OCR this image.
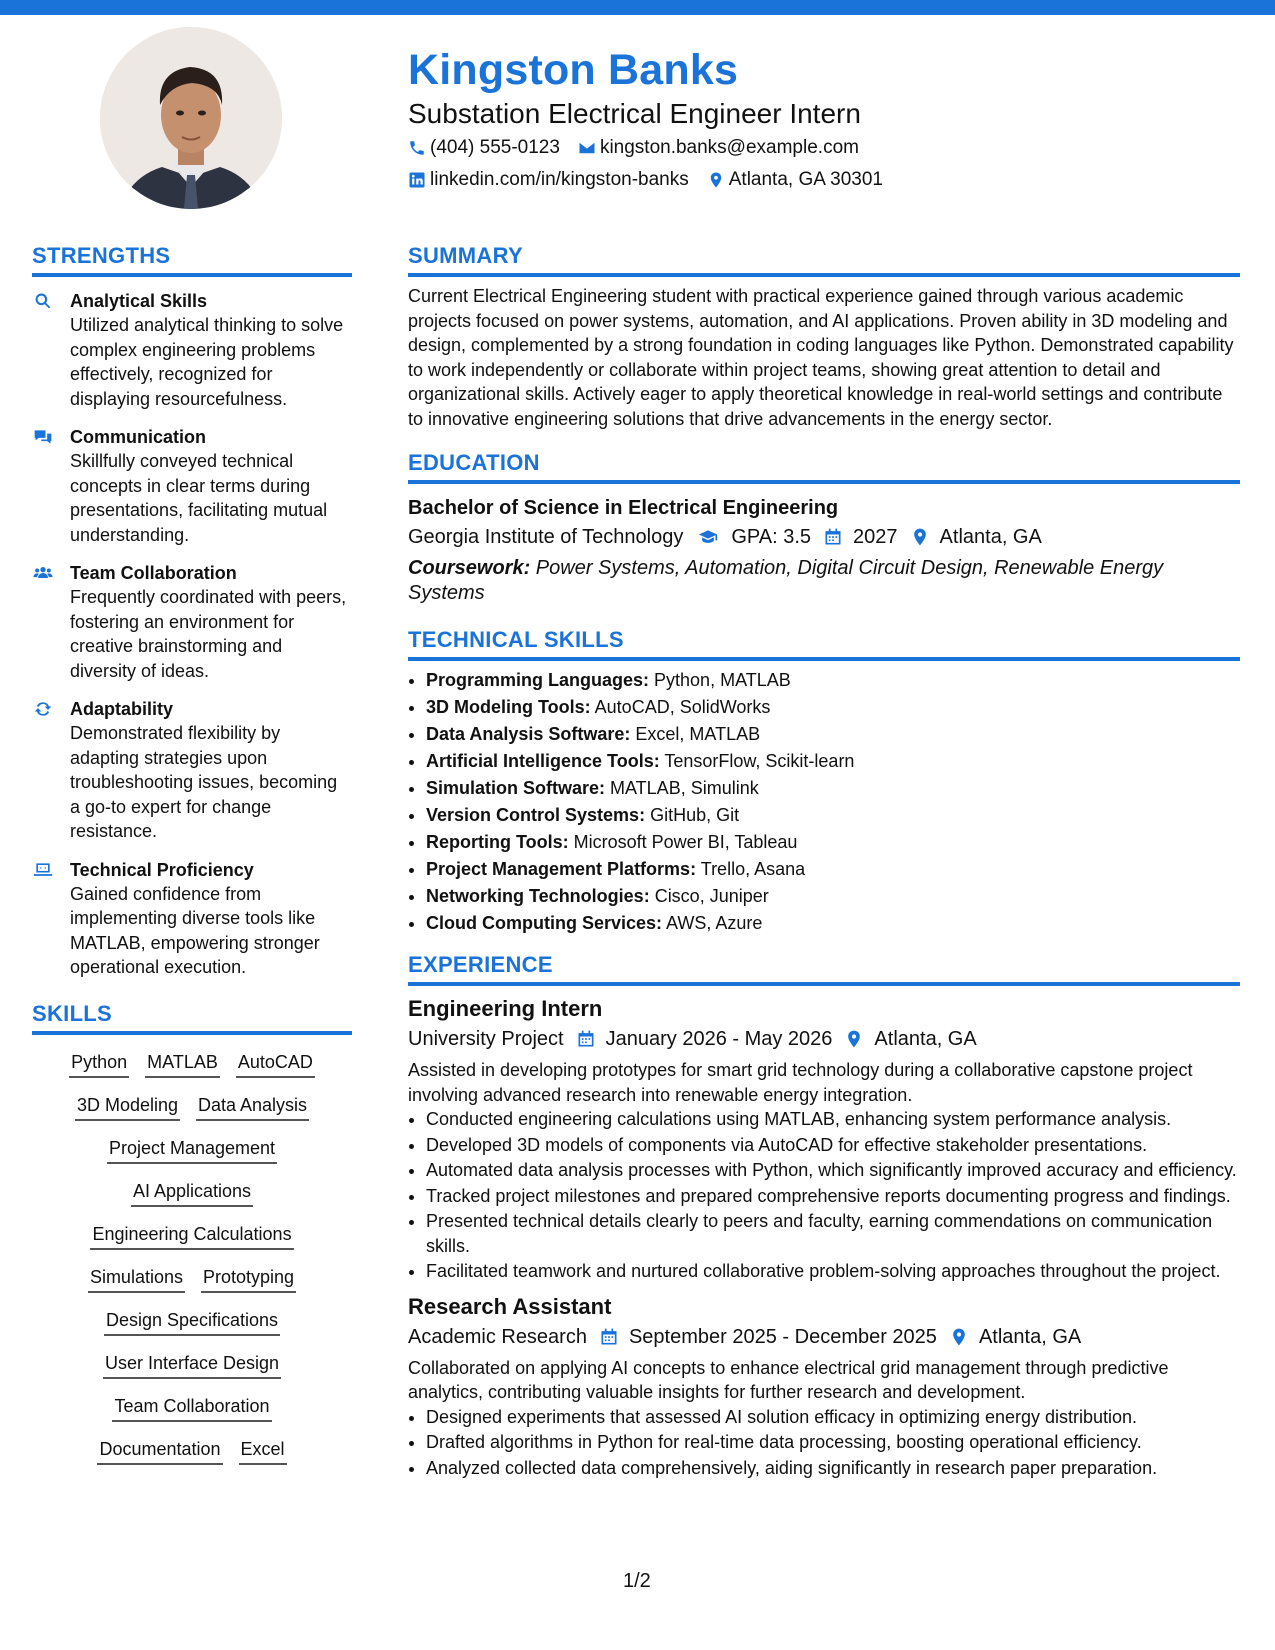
Kingston Banks
Substation Electrical Engineer Intern
(404) 555-0123 kingston.banks@example.com
linkedin.com/in/kingston-banks Atlanta, GA 30301
STRENGTHS
Analytical Skills
Utilized analytical thinking to solve complex engineering problems effectively, recognized for displaying resourcefulness.
Communication
Skillfully conveyed technical concepts in clear terms during presentations, facilitating mutual understanding.
Team Collaboration
Frequently coordinated with peers, fostering an environment for creative brainstorming and diversity of ideas.
Adaptability
Demonstrated flexibility by adapting strategies upon troubleshooting issues, becoming a go-to expert for change resistance.
Technical Proficiency
Gained confidence from implementing diverse tools like MATLAB, empowering stronger operational execution.
SKILLS
Python MATLAB AutoCAD
3D Modeling Data Analysis
Project Management
AI Applications
Engineering Calculations
Simulations Prototyping
Design Specifications
User Interface Design
Team Collaboration
Documentation Excel
SUMMARY
Current Electrical Engineering student with practical experience gained through various academic projects focused on power systems, automation, and AI applications. Proven ability in 3D modeling and design, complemented by a strong foundation in coding languages like Python. Demonstrated capability to work independently or collaborate within project teams, showing great attention to detail and organizational skills. Actively eager to apply theoretical knowledge in real-world settings and contribute to innovative engineering solutions that drive advancements in the energy sector.
EDUCATION
Bachelor of Science in Electrical Engineering
Georgia Institute of Technology GPA: 3.5 2027 Atlanta, GA
Coursework: Power Systems, Automation, Digital Circuit Design, Renewable Energy Systems
TECHNICAL SKILLS
• Programming Languages: Python, MATLAB
• 3D Modeling Tools: AutoCAD, SolidWorks
• Data Analysis Software: Excel, MATLAB
• Artificial Intelligence Tools: TensorFlow, Scikit-learn
• Simulation Software: MATLAB, Simulink
• Version Control Systems: GitHub, Git
• Reporting Tools: Microsoft Power BI, Tableau
• Project Management Platforms: Trello, Asana
• Networking Technologies: Cisco, Juniper
• Cloud Computing Services: AWS, Azure
EXPERIENCE
Engineering Intern
University Project January 2026 - May 2026 Atlanta, GA
Assisted in developing prototypes for smart grid technology during a collaborative capstone project involving advanced research into renewable energy integration.
• Conducted engineering calculations using MATLAB, enhancing system performance analysis.
• Developed 3D models of components via AutoCAD for effective stakeholder presentations.
• Automated data analysis processes with Python, which significantly improved accuracy and efficiency.
• Tracked project milestones and prepared comprehensive reports documenting progress and findings.
• Presented technical details clearly to peers and faculty, earning commendations on communication skills.
• Facilitated teamwork and nurtured collaborative problem-solving approaches throughout the project.
Research Assistant
Academic Research September 2025 - December 2025 Atlanta, GA
Collaborated on applying AI concepts to enhance electrical grid management through predictive analytics, contributing valuable insights for further research and development.
• Designed experiments that assessed AI solution efficacy in optimizing energy distribution.
• Drafted algorithms in Python for real-time data processing, boosting operational efficiency.
• Analyzed collected data comprehensively, aiding significantly in research paper preparation.
1/2
